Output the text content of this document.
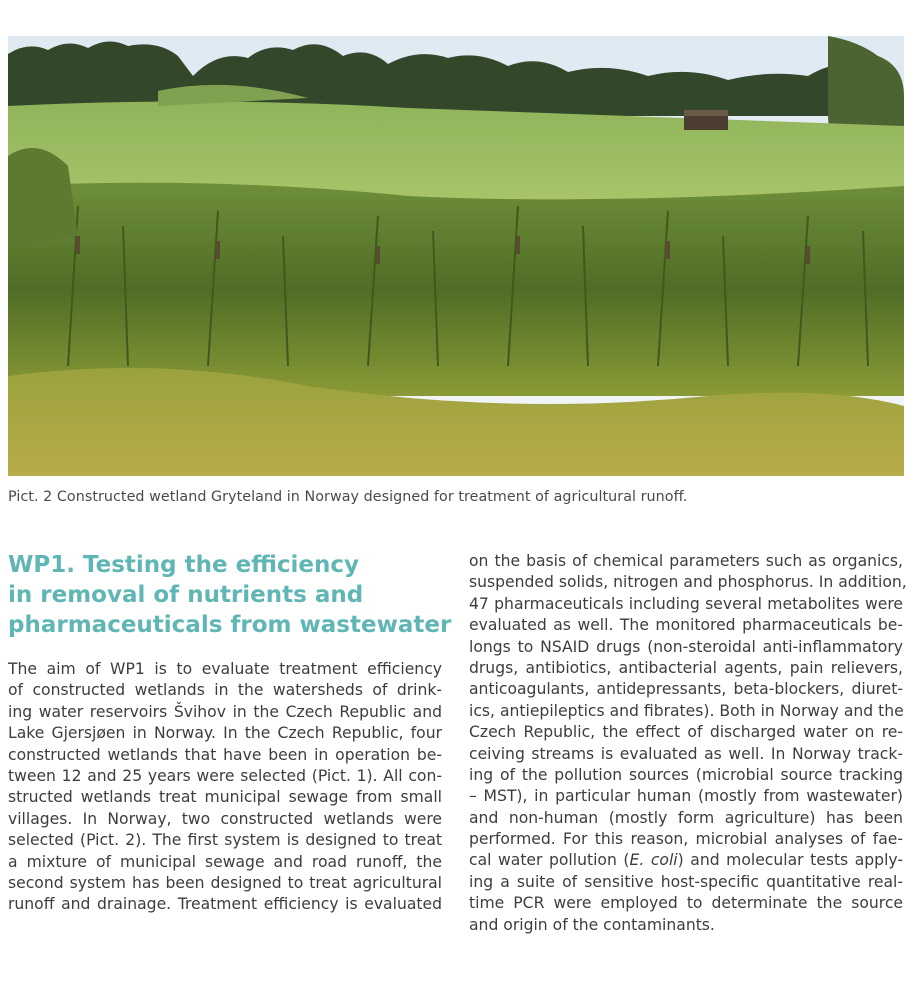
Pict. 2 Constructed wetland Gryteland in Norway designed for treatment of agricultural runoff.
WP1. Testing the efficiency
in removal of nutrients and
pharmaceuticals from wastewater
The aim of WP1 is to evaluate treatment efficiency
of constructed wetlands in the watersheds of drink-
ing water reservoirs Švihov in the Czech Republic and
Lake Gjersjøen in Norway. In the Czech Republic, four
constructed wetlands that have been in operation be-
tween 12 and 25 years were selected (Pict. 1). All con-
structed wetlands treat municipal sewage from small
villages. In Norway, two constructed wetlands were
selected (Pict. 2). The first system is designed to treat
a mixture of municipal sewage and road runoff, the
second system has been designed to treat agricultural
runoff and drainage. Treatment efficiency is evaluated
on the basis of chemical parameters such as organics,
suspended solids, nitrogen and phosphorus. In addition,
47 pharmaceuticals including several metabolites were
evaluated as well. The monitored pharmaceuticals be-
longs to NSAID drugs (non-steroidal anti-inflammatory
drugs, antibiotics, antibacterial agents, pain relievers,
anticoagulants, antidepressants, beta-blockers, diuret-
ics, antiepileptics and fibrates). Both in Norway and the
Czech Republic, the effect of discharged water on re-
ceiving streams is evaluated as well. In Norway track-
ing of the pollution sources (microbial source tracking
– MST), in particular human (mostly from wastewater)
and non-human (mostly form agriculture) has been
performed. For this reason, microbial analyses of fae-
cal water pollution (E. coli) and molecular tests apply-
ing a suite of sensitive host-specific quantitative real-
time PCR were employed to determinate the source
and origin of the contaminants.
